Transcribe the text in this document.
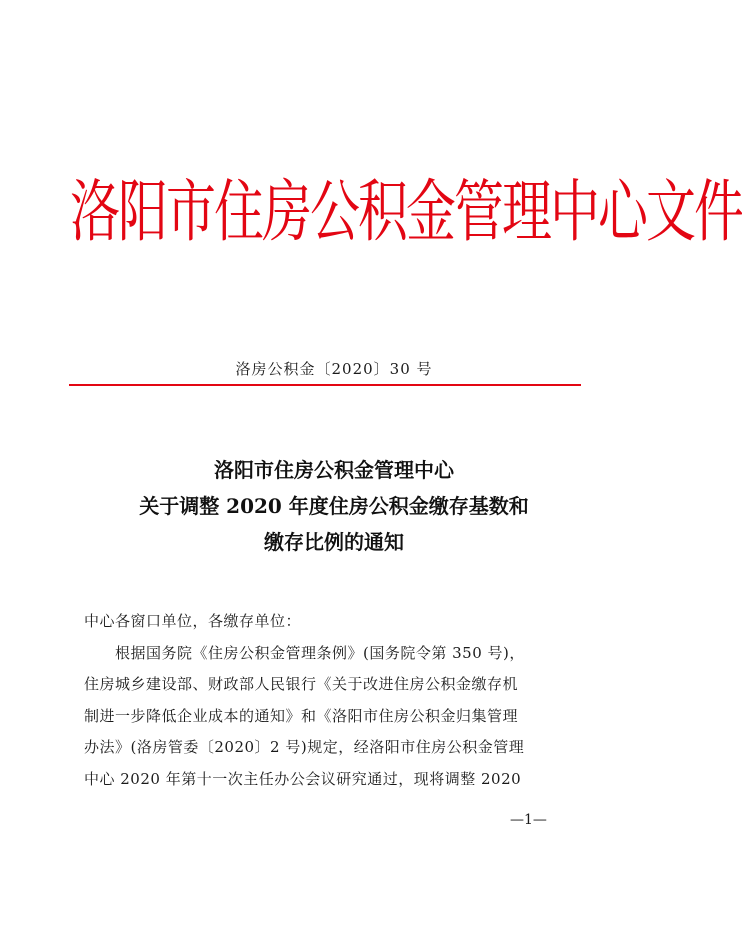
洛阳市住房公积金管理中心文件
洛房公积金〔2020〕30 号
洛阳市住房公积金管理中心
关于调整 2020 年度住房公积金缴存基数和
缴存比例的通知

中心各窗口单位，各缴存单位：

根据国务院《住房公积金管理条例》(国务院令第 350 号)，

住房城乡建设部、财政部人民银行《关于改进住房公积金缴存机

制进一步降低企业成本的通知》和《洛阳市住房公积金归集管理

办法》(洛房管委〔2020〕2 号)规定，经洛阳市住房公积金管理

中心 2020 年第十一次主任办公会议研究通过，现将调整 2020

—1—
